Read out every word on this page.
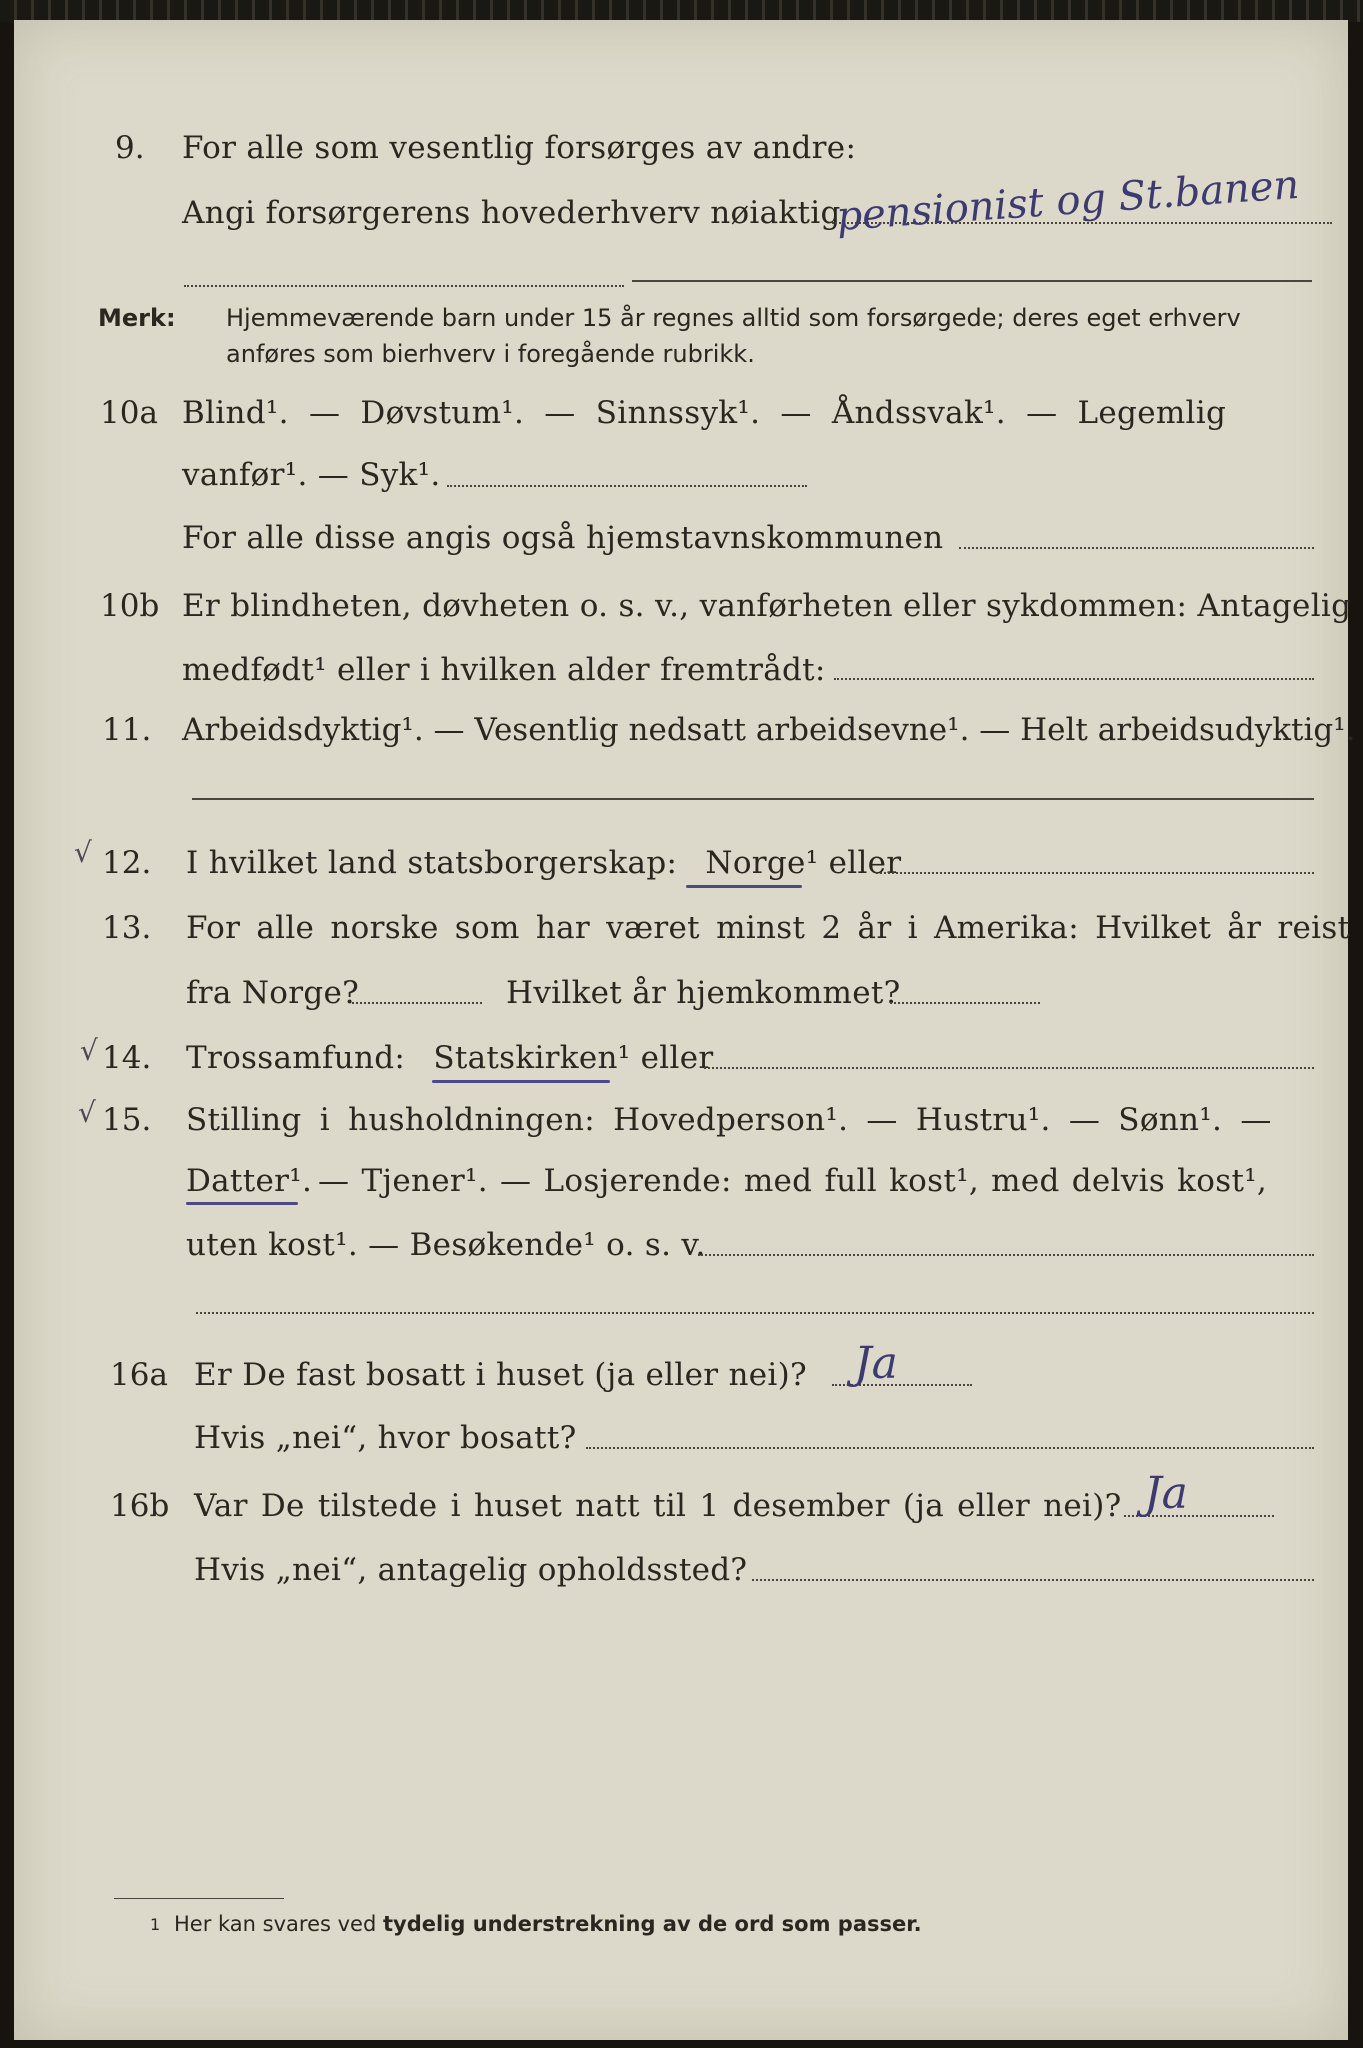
9. For alle som vesentlig forsørges av andre:
Angi forsørgerens hovederhverv nøiaktig
pensionist og St.banen
Merk: Hjemmeværende barn under 15 år regnes alltid som forsørgede; deres eget erhverv
anføres som bierhverv i foregående rubrikk.
10a Blind¹. — Døvstum¹. — Sinnssyk¹. — Åndssvak¹. — Legemlig
vanfør¹. — Syk¹.
For alle disse angis også hjemstavnskommunen
10b Er blindheten, døvheten o. s. v., vanførheten eller sykdommen: Antagelig
medfødt¹ eller i hvilken alder fremtrådt:
11. Arbeidsdyktig¹. — Vesentlig nedsatt arbeidsevne¹. — Helt arbeidsudyktig¹.
√ 12. I hvilket land statsborgerskap: Norge¹ eller
13. For alle norske som har været minst 2 år i Amerika: Hvilket år reist
fra Norge?	Hvilket år hjemkommet?
√ 14. Trossamfund: Statskirken¹ eller
√ 15. Stilling i husholdningen: Hovedperson¹. — Hustru¹. — Sønn¹. —
Datter¹. — Tjener¹. — Losjerende: med full kost¹, med delvis kost¹,
uten kost¹. — Besøkende¹ o. s. v.
16a Er De fast bosatt i huset (ja eller nei)? Ja
Hvis „nei“, hvor bosatt?
16b Var De tilstede i huset natt til 1 desember (ja eller nei)? Ja
Hvis „nei“, antagelig opholdssted?
1 Her kan svares ved tydelig understrekning av de ord som passer.
